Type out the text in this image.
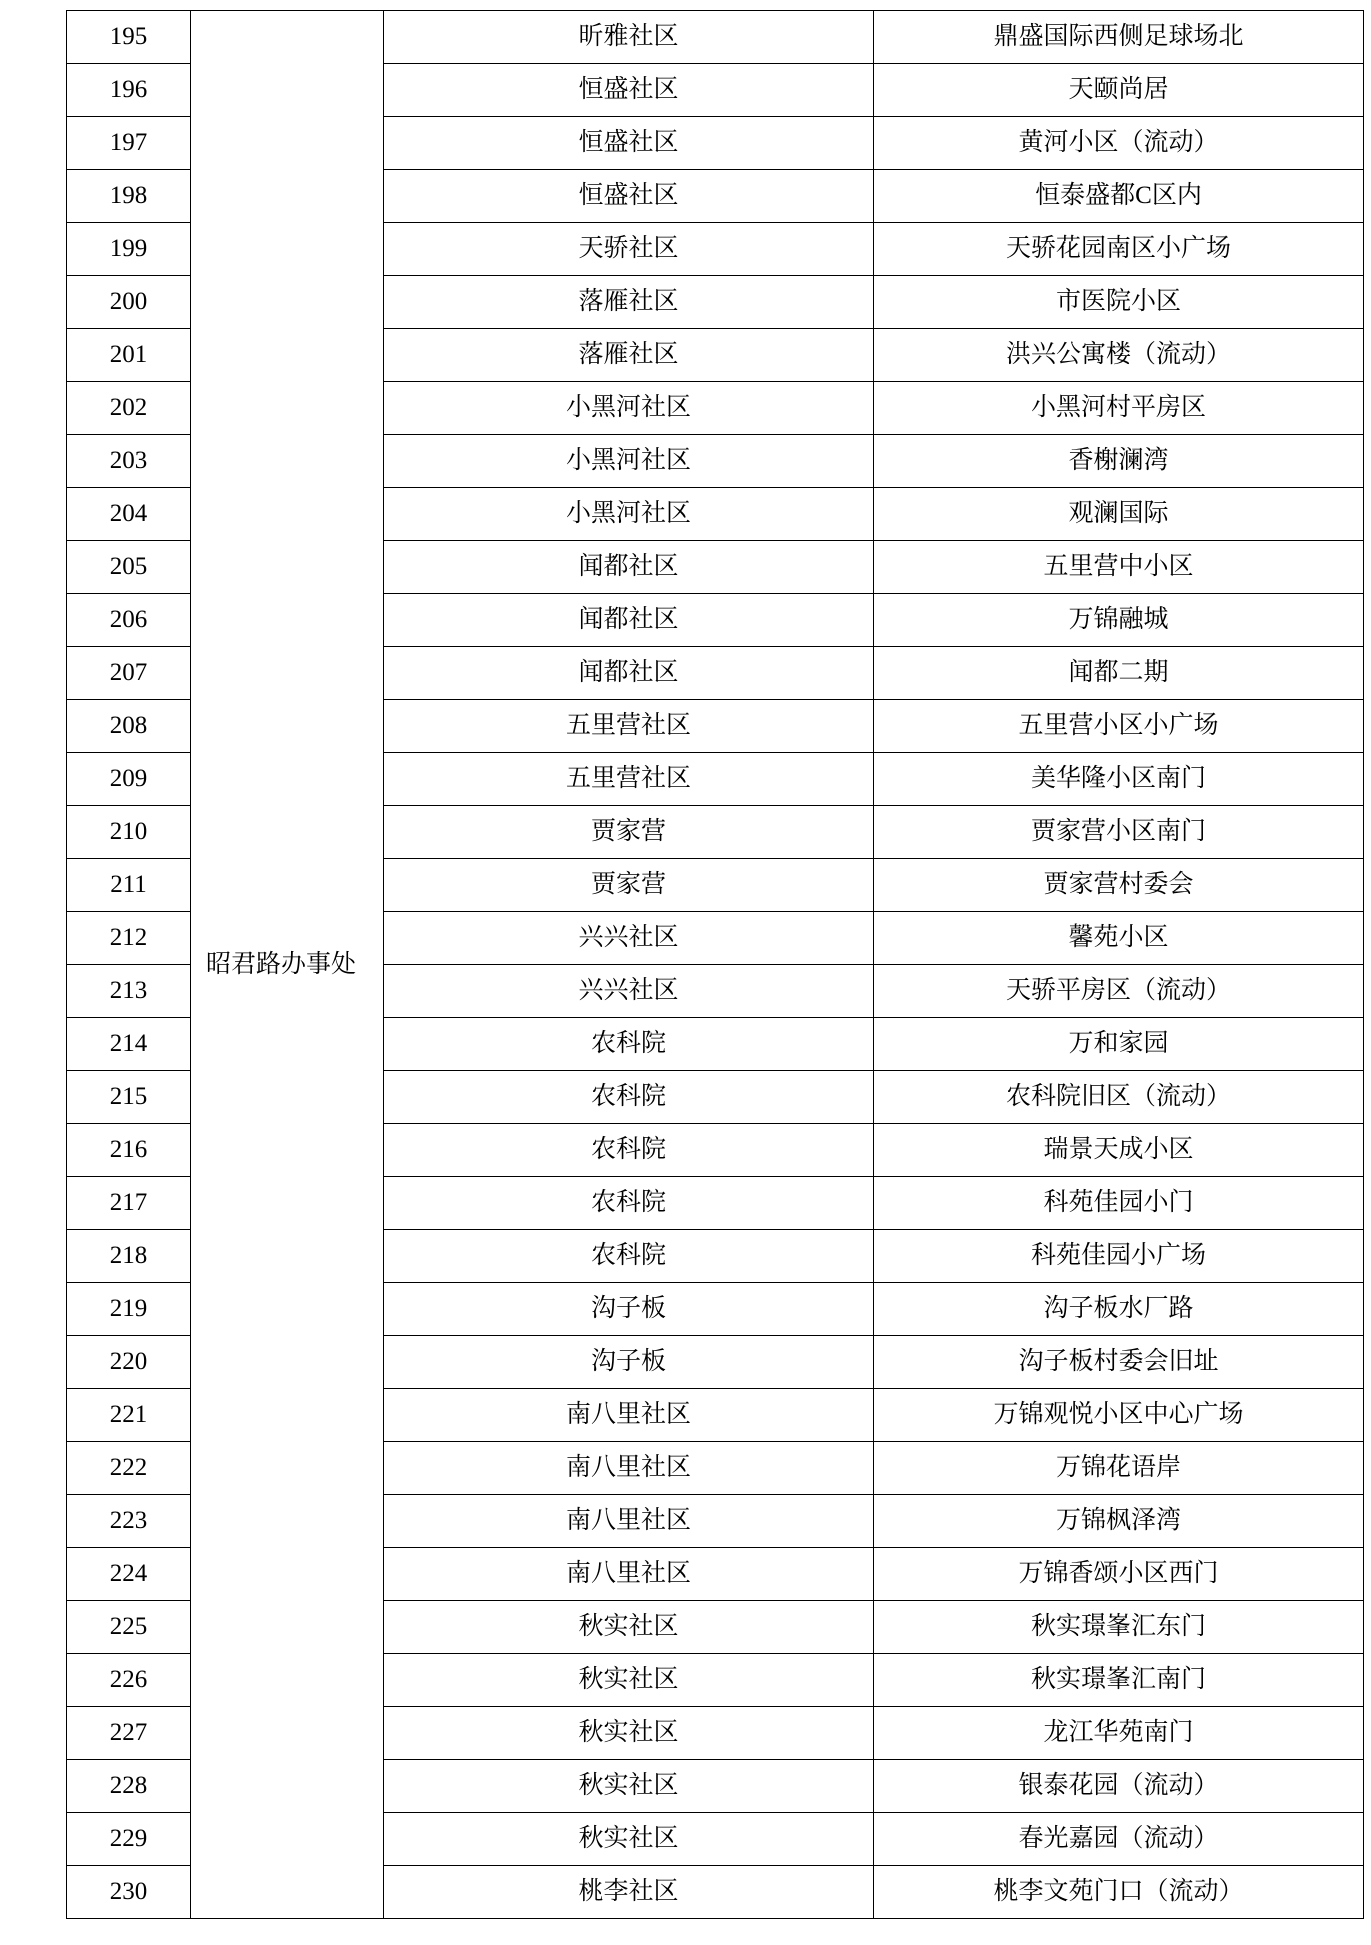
195	昭君路办事处	昕雅社区	鼎盛国际西侧足球场北
196		恒盛社区	天颐尚居
197		恒盛社区	黄河小区（流动）
198		恒盛社区	恒泰盛都C区内
199		天骄社区	天骄花园南区小广场
200		落雁社区	市医院小区
201		落雁社区	洪兴公寓楼（流动）
202		小黑河社区	小黑河村平房区
203		小黑河社区	香榭澜湾
204		小黑河社区	观澜国际
205		闻都社区	五里营中小区
206		闻都社区	万锦融城
207		闻都社区	闻都二期
208		五里营社区	五里营小区小广场
209		五里营社区	美华隆小区南门
210		贾家营	贾家营小区南门
211		贾家营	贾家营村委会
212		兴兴社区	馨苑小区
213		兴兴社区	天骄平房区（流动）
214		农科院	万和家园
215		农科院	农科院旧区（流动）
216		农科院	瑞景天成小区
217		农科院	科苑佳园小门
218		农科院	科苑佳园小广场
219		沟子板	沟子板水厂路
220		沟子板	沟子板村委会旧址
221		南八里社区	万锦观悦小区中心广场
222		南八里社区	万锦花语岸
223		南八里社区	万锦枫泽湾
224		南八里社区	万锦香颂小区西门
225		秋实社区	秋实璟峯汇东门
226		秋实社区	秋实璟峯汇南门
227		秋实社区	龙江华苑南门
228		秋实社区	银泰花园（流动）
229		秋实社区	春光嘉园（流动）
230		桃李社区	桃李文苑门口（流动）
